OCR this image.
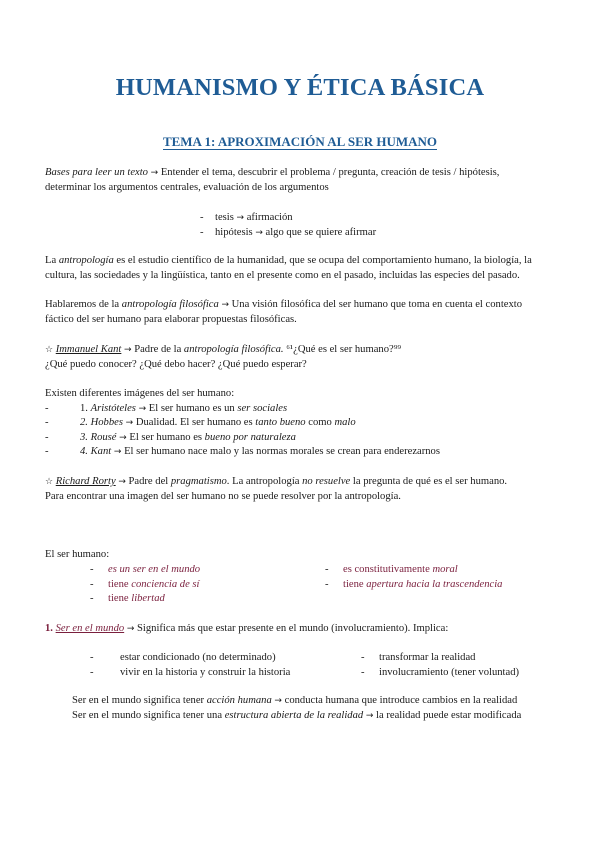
HUMANISMO Y ÉTICA BÁSICA
TEMA 1: APROXIMACIÓN AL SER HUMANO
Bases para leer un texto → Entender el tema, descubrir el problema / pregunta, creación de tesis / hipótesis,
determinar los argumentos centrales, evaluación de los argumentos
- tesis → afirmación
- hipótesis → algo que se quiere afirmar
La antropología es el estudio científico de la humanidad, que se ocupa del comportamiento humano, la biología, la
cultura, las sociedades y la lingüística, tanto en el presente como en el pasado, incluidas las especies del pasado.
Hablaremos de la antropología filosófica → Una visión filosófica del ser humano que toma en cuenta el contexto
fáctico del ser humano para elaborar propuestas filosóficas.
☆ Immanuel Kant → Padre de la antropología filosófica. ⁶¹¿Qué es el ser humano?⁹⁹
¿Qué puedo conocer? ¿Qué debo hacer? ¿Qué puedo esperar?
Existen diferentes imágenes del ser humano:
-	1. Aristóteles → El ser humano es un ser sociales
-	2. Hobbes → Dualidad. El ser humano es tanto bueno como malo
-	3. Rousé → El ser humano es bueno por naturaleza
-	4. Kant → El ser humano nace malo y las normas morales se crean para enderezarnos
☆ Richard Rorty → Padre del pragmatismo. La antropología no resuelve la pregunta de qué es el ser humano.
Para encontrar una imagen del ser humano no se puede resolver por la antropología.
El ser humano:
- es un ser en el mundo
- tiene conciencia de sí
- tiene libertad
- es constitutivamente moral
- tiene apertura hacia la trascendencia
1. Ser en el mundo → Significa más que estar presente en el mundo (involucramiento). Implica:
- estar condicionado (no determinado)
- vivir en la historia y construir la historia
- transformar la realidad
- involucramiento (tener voluntad)
Ser en el mundo significa tener acción humana → conducta humana que introduce cambios en la realidad
Ser en el mundo significa tener una estructura abierta de la realidad → la realidad puede estar modificada
